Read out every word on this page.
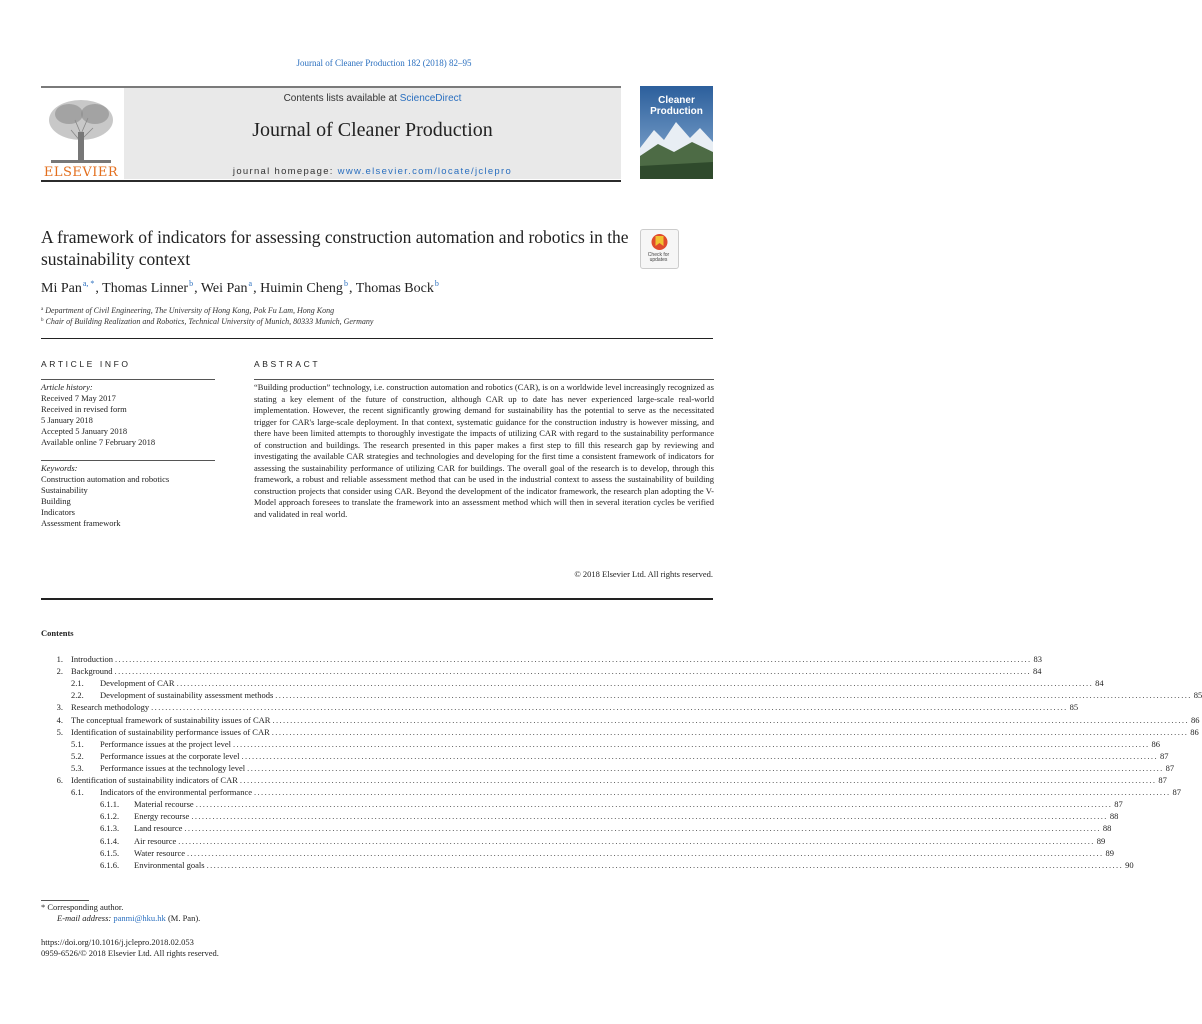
Journal of Cleaner Production 182 (2018) 82–95
Contents lists available at ScienceDirect
Journal of Cleaner Production
journal homepage: www.elsevier.com/locate/jclepro
ELSEVIER
Cleaner
Production
A framework of indicators for assessing construction automation and robotics in the sustainability context	Check for
updates
Mi Pan$^{a, *}$, Thomas Linner$^b$, Wei Pan$^a$, Huimin Cheng$^b$, Thomas Bock$^b$
$^a$ Department of Civil Engineering, The University of Hong Kong, Pok Fu Lam, Hong Kong
$^b$ Chair of Building Realization and Robotics, Technical University of Munich, 80333 Munich, Germany
ARTICLE INFO
Article history:
Received 7 May 2017
Received in revised form
5 January 2018
Accepted 5 January 2018
Available online 7 February 2018
Keywords:
Construction automation and robotics
Sustainability
Building
Indicators
Assessment framework
ABSTRACT
“Building production” technology, i.e. construction automation and robotics (CAR), is on a worldwide level increasingly recognized as stating a key element of the future of construction, although CAR up to date has never experienced large-scale real-world implementation. However, the recent significantly growing demand for sustainability has the potential to serve as the necessitated trigger for CAR's large-scale deployment. In that context, systematic guidance for the construction industry is however missing, and there have been limited attempts to thoroughly investigate the impacts of utilizing CAR with regard to the sustainability performance of construction and buildings. The research presented in this paper makes a first step to fill this research gap by reviewing and investigating the available CAR strategies and technologies and developing for the first time a consistent framework of indicators for assessing the sustainability performance of utilizing CAR for buildings. The overall goal of the research is to develop, through this framework, a robust and reliable assessment method that can be used in the industrial context to assess the sustainability of building construction projects that consider using CAR. Beyond the development of the indicator framework, the research plan adopting the V-Model approach foresees to translate the framework into an assessment method which will then in several iteration cycles be verified and validated in real world.
© 2018 Elsevier Ltd. All rights reserved.
Contents
1. Introduction .................................................................................................................................................................................................................................................................... 83
2. Background .................................................................................................................................................................................................................................................................... 84
2.1. Development of CAR .................................................................................................................................................................................................................................................................... 84
2.2. Development of sustainability assessment methods .................................................................................................................................................................................................................................................................... 85
3. Research methodology .................................................................................................................................................................................................................................................................... 85
4. The conceptual framework of sustainability issues of CAR .................................................................................................................................................................................................................................................................... 86
5. Identification of sustainability performance issues of CAR .................................................................................................................................................................................................................................................................... 86
5.1. Performance issues at the project level .................................................................................................................................................................................................................................................................... 86
5.2. Performance issues at the corporate level .................................................................................................................................................................................................................................................................... 87
5.3. Performance issues at the technology level .................................................................................................................................................................................................................................................................... 87
6. Identification of sustainability indicators of CAR .................................................................................................................................................................................................................................................................... 87
6.1. Indicators of the environmental performance .................................................................................................................................................................................................................................................................... 87
6.1.1. Material recourse .................................................................................................................................................................................................................................................................... 87
6.1.2. Energy recourse .................................................................................................................................................................................................................................................................... 88
6.1.3. Land resource .................................................................................................................................................................................................................................................................... 88
6.1.4. Air resource .................................................................................................................................................................................................................................................................... 89
6.1.5. Water resource .................................................................................................................................................................................................................................................................... 89
6.1.6. Environmental goals .................................................................................................................................................................................................................................................................... 90
* Corresponding author.
E-mail address: panmi@hku.hk (M. Pan).
https://doi.org/10.1016/j.jclepro.2018.02.053
0959-6526/© 2018 Elsevier Ltd. All rights reserved.
